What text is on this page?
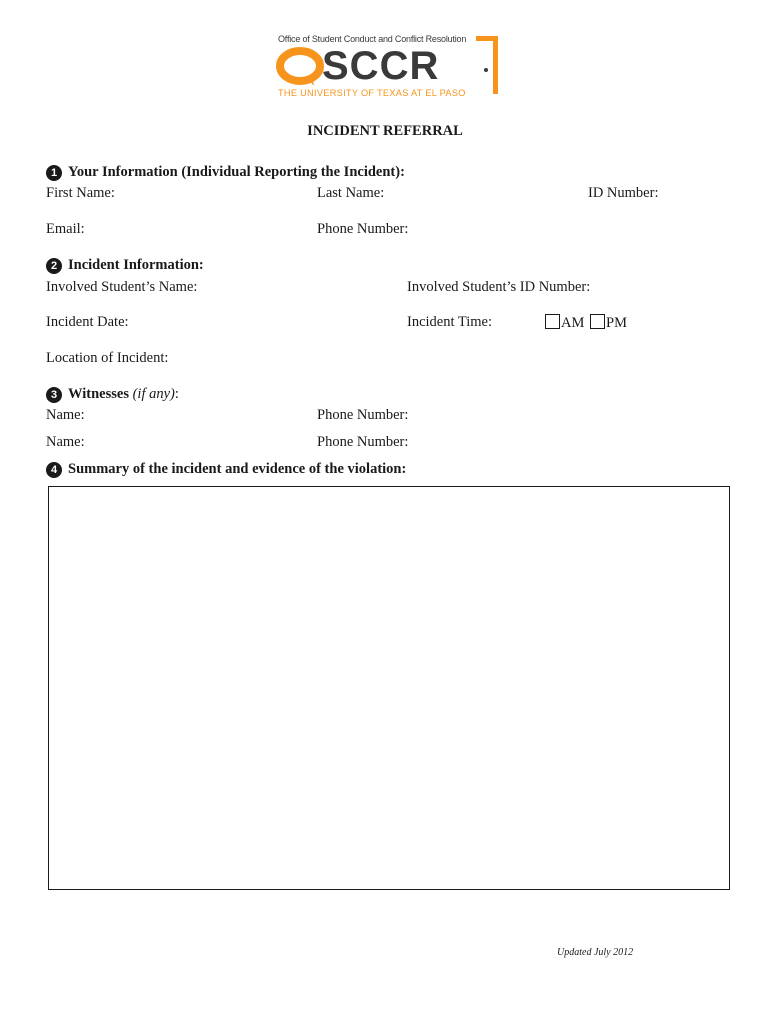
Office of Student Conduct and Conflict Resolution
SCCR
THE UNIVERSITY OF TEXAS AT EL PASO
INCIDENT REFERRAL
1 Your Information (Individual Reporting the Incident):
First Name:	Last Name:	ID Number:
Email:	Phone Number:
2 Incident Information:
Involved Student’s Name:	Involved Student’s ID Number:
Incident Date:	Incident Time:	AM	PM
Location of Incident:
3 Witnesses
(if any) :
Name:	Phone Number:
Name:	Phone Number:
4 Summary of the incident and evidence of the violation:
Updated July 2012
